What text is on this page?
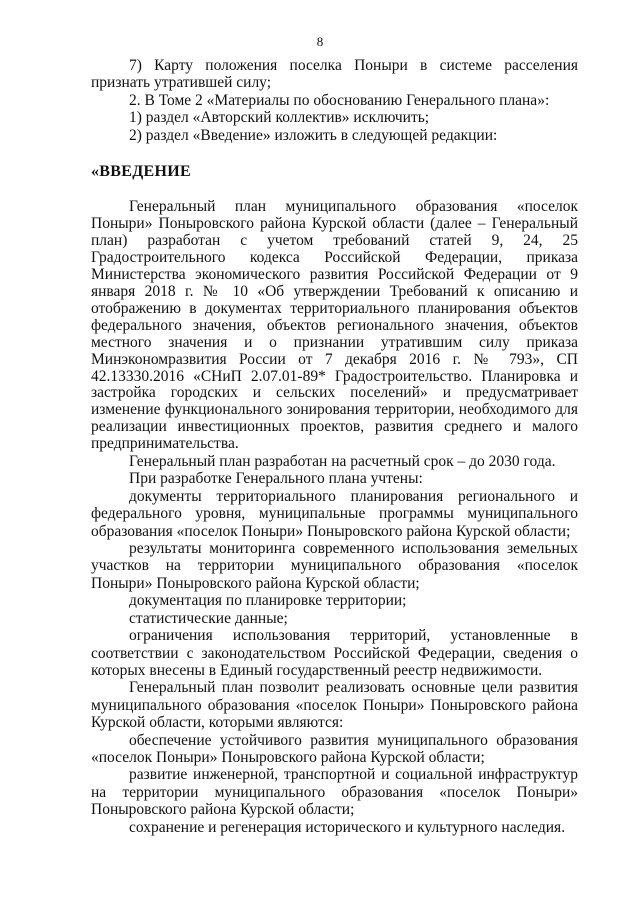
8

7) Карту положения поселка Поныри в системе расселения признать утратившей силу;

2. В Томе 2 «Материалы по обоснованию Генерального плана»:

1) раздел «Авторский коллектив» исключить;

2) раздел «Введение» изложить в следующей редакции:

«ВВЕДЕНИЕ

Генеральный план муниципального образования «поселок Поныри» Поныровского района Курской области (далее – Генеральный план) разработан с учетом требований статей 9, 24, 25 Градостроительного кодекса Российской Федерации, приказа Министерства экономического развития Российской Федерации от 9 января 2018 г. № 10 «Об утверждении Требований к описанию и отображению в документах территориального планирования объектов федерального значения, объектов регионального значения, объектов местного значения и о признании утратившим силу приказа Минэкономразвития России от 7 декабря 2016 г. № 793», СП 42.13330.2016 «СНиП 2.07.01-89* Градостроительство. Планировка и застройка городских и сельских поселений» и предусматривает изменение функционального зонирования территории, необходимого для реализации инвестиционных проектов, развития среднего и малого предпринимательства.

Генеральный план разработан на расчетный срок – до 2030 года.

При разработке Генерального плана учтены:

документы территориального планирования регионального и федерального уровня, муниципальные программы муниципального образования «поселок Поныри» Поныровского района Курской области;

результаты мониторинга современного использования земельных участков на территории муниципального образования «поселок Поныри» Поныровского района Курской области;

документация по планировке территории;

статистические данные;

ограничения использования территорий, установленные в соответствии с законодательством Российской Федерации, сведения о которых внесены в Единый государственный реестр недвижимости.

Генеральный план позволит реализовать основные цели развития муниципального образования «поселок Поныри» Поныровского района Курской области, которыми являются:

обеспечение устойчивого развития муниципального образования «поселок Поныри» Поныровского района Курской области;

развитие инженерной, транспортной и социальной инфраструктур на территории муниципального образования «поселок Поныри» Поныровского района Курской области;

сохранение и регенерация исторического и культурного наследия.
